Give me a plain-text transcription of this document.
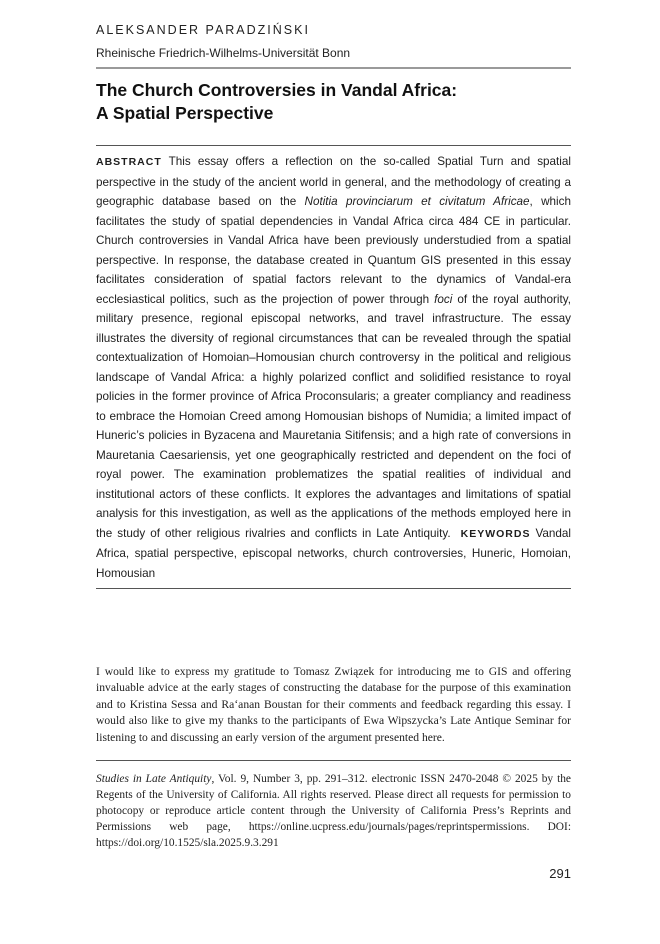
ALEKSANDER PARADZIŃSKI
Rheinische Friedrich-Wilhelms-Universität Bonn
The Church Controversies in Vandal Africa:
A Spatial Perspective
ABSTRACT This essay offers a reflection on the so-called Spatial Turn and spatial perspective in the study of the ancient world in general, and the methodology of creating a geographic database based on the Notitia provinciarum et civitatum Africae, which facilitates the study of spatial dependencies in Vandal Africa circa 484 CE in particular. Church controversies in Vandal Africa have been previously understudied from a spatial perspective. In response, the database created in Quantum GIS presented in this essay facilitates consideration of spatial factors relevant to the dynamics of Vandal-era ecclesiastical politics, such as the projection of power through foci of the royal authority, military presence, regional episcopal networks, and travel infrastructure. The essay illustrates the diversity of regional circumstances that can be revealed through the spatial contextualization of Homoian–Homousian church controversy in the political and religious landscape of Vandal Africa: a highly polarized conflict and solidified resistance to royal policies in the former province of Africa Proconsularis; a greater compliancy and readiness to embrace the Homoian Creed among Homousian bishops of Numidia; a limited impact of Huneric’s policies in Byzacena and Mauretania Sitifensis; and a high rate of conversions in Mauretania Caesariensis, yet one geographically restricted and dependent on the foci of royal power. The examination problematizes the spatial realities of individual and institutional actors of these conflicts. It explores the advantages and limitations of spatial analysis for this investigation, as well as the applications of the methods employed here in the study of other religious rivalries and conflicts in Late Antiquity. KEYWORDS Vandal Africa, spatial perspective, episcopal networks, church controversies, Huneric, Homoian, Homousian
I would like to express my gratitude to Tomasz Związek for introducing me to GIS and offering invaluable advice at the early stages of constructing the database for the purpose of this examination and to Kristina Sessa and Ra‘anan Boustan for their comments and feedback regarding this essay. I would also like to give my thanks to the participants of Ewa Wipszycka’s Late Antique Seminar for listening to and discussing an early version of the argument presented here.
Studies in Late Antiquity, Vol. 9, Number 3, pp. 291–312. electronic ISSN 2470-2048 © 2025 by the Regents of the University of California. All rights reserved. Please direct all requests for permission to photocopy or reproduce article content through the University of California Press’s Reprints and Permissions web page, https://online.ucpress.edu/journals/pages/reprintspermissions. DOI: https://doi.org/10.1525/sla.2025.9.3.291
291
